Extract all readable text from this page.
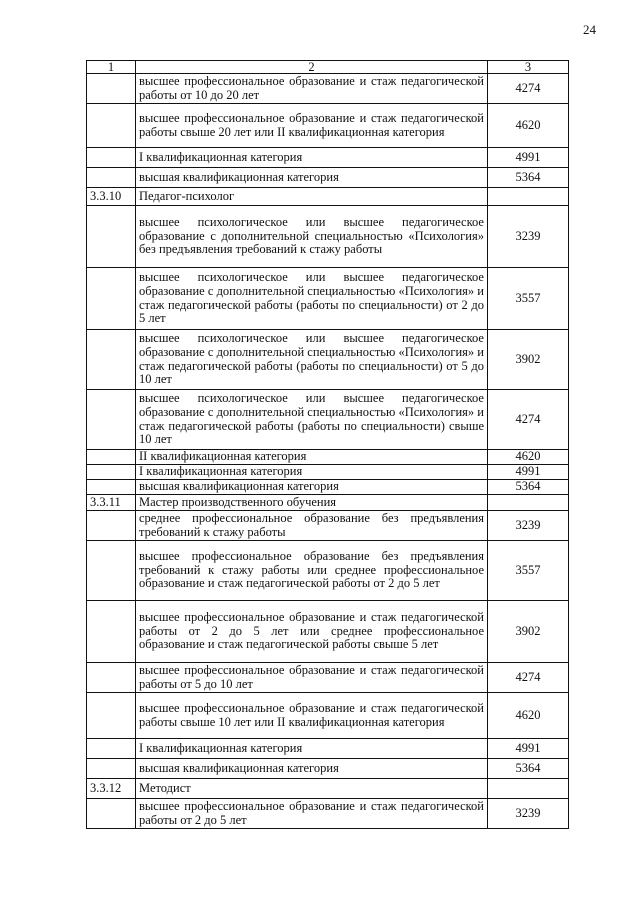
24
1	2	3
	высшее профессиональное образование и стаж педагогической работы от 10 до 20 лет	4274
	высшее профессиональное образование и стаж педагогической работы свыше 20 лет или II квалификационная категория	4620
	I квалификационная категория	4991
	высшая квалификационная категория	5364
3.3.10	Педагог-психолог	
	высшее психологическое или высшее педагогическое образование с дополнительной специальностью «Психология» без предъявления требований к стажу работы	3239
	высшее психологическое или высшее педагогическое образование с дополнительной специальностью «Психология» и стаж педагогической работы (работы по специальности) от 2 до 5 лет	3557
	высшее психологическое или высшее педагогическое образование с дополнительной специальностью «Психология» и стаж педагогической работы (работы по специальности) от 5 до 10 лет	3902
	высшее психологическое или высшее педагогическое образование с дополнительной специальностью «Психология» и стаж педагогической работы (работы по специальности) свыше 10 лет	4274
	II квалификационная категория	4620
	I квалификационная категория	4991
	высшая квалификационная категория	5364
3.3.11	Мастер производственного обучения	
	среднее профессиональное образование без предъявления требований к стажу работы	3239
	высшее профессиональное образование без предъявления требований к стажу работы или среднее профессиональное образование и стаж педагогической работы от 2 до 5 лет	3557
	высшее профессиональное образование и стаж педагогической работы от 2 до 5 лет или среднее профессиональное образование и стаж педагогической работы свыше 5 лет	3902
	высшее профессиональное образование и стаж педагогической работы от 5 до 10 лет	4274
	высшее профессиональное образование и стаж педагогической работы свыше 10 лет или II квалификационная категория	4620
	I квалификационная категория	4991
	высшая квалификационная категория	5364
3.3.12	Методист	
	высшее профессиональное образование и стаж педагогической работы от 2 до 5 лет	3239
